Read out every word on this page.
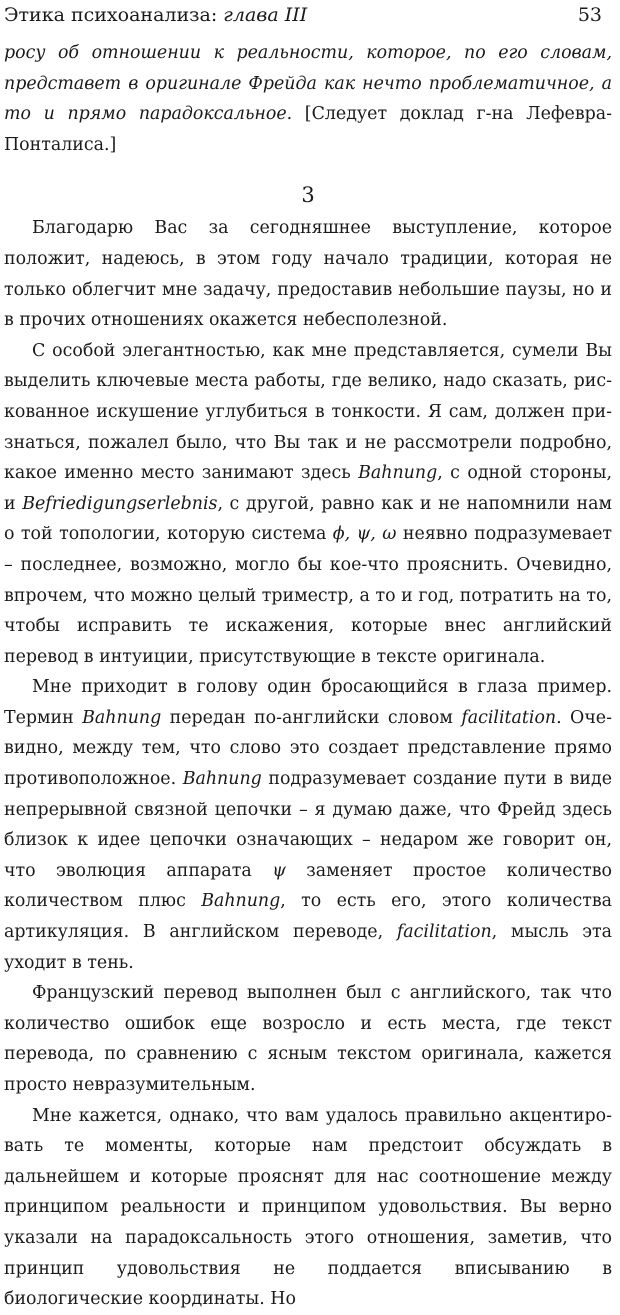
Этика психоанализа: глава III	53

росу об отношении к реальности, которое, по его словам, представет в оригинале Фрейда как нечто проблематичное, а то и прямо парадоксальное. [Следует доклад г-на Лефевра-Понталиса.]

3

Благодарю Вас за сегодняшнее выступление, которое положит, надеюсь, в этом году начало традиции, которая не только облегчит мне задачу, предоставив небольшие паузы, но и в прочих отношениях окажется небесполезной.

С особой элегантностью, как мне представляется, сумели Вы выделить ключевые места работы, где велико, надо сказать, рискованное искушение углубиться в тонкости. Я сам, должен признаться, пожалел было, что Вы так и не рассмотрели подробно, какое именно место занимают здесь Bahnung, с одной стороны, и Befriedigungserlebnis, с другой, равно как и не напомнили нам о той топологии, которую система ϕ, ψ, ω неявно подразумевает – последнее, возможно, могло бы кое-что прояснить. Очевидно, впрочем, что можно целый триместр, а то и год, потратить на то, чтобы исправить те искажения, которые внес английский перевод в интуиции, присутствующие в тексте оригинала.

Мне приходит в голову один бросающийся в глаза пример. Термин Bahnung передан по-английски словом facilitation. Очевидно, между тем, что слово это создает представление прямо противоположное. Bahnung подразумевает создание пути в виде непрерывной связной цепочки – я думаю даже, что Фрейд здесь близок к идее цепочки означающих – недаром же говорит он, что эволюция аппарата ψ заменяет простое количество количеством плюс Bahnung, то есть его, этого количества артикуляция. В английском переводе, facilitation, мысль эта уходит в тень.

Французский перевод выполнен был с английского, так что количество ошибок еще возросло и есть места, где текст перевода, по сравнению с ясным текстом оригинала, кажется просто невразумительным.

Мне кажется, однако, что вам удалось правильно акцентировать те моменты, которые нам предстоит обсуждать в дальнейшем и которые прояснят для нас соотношение между принципом реальности и принципом удовольствия. Вы верно указали на парадоксальность этого отношения, заметив, что принцип удовольствия не поддается вписыванию в биологические координаты. Но
